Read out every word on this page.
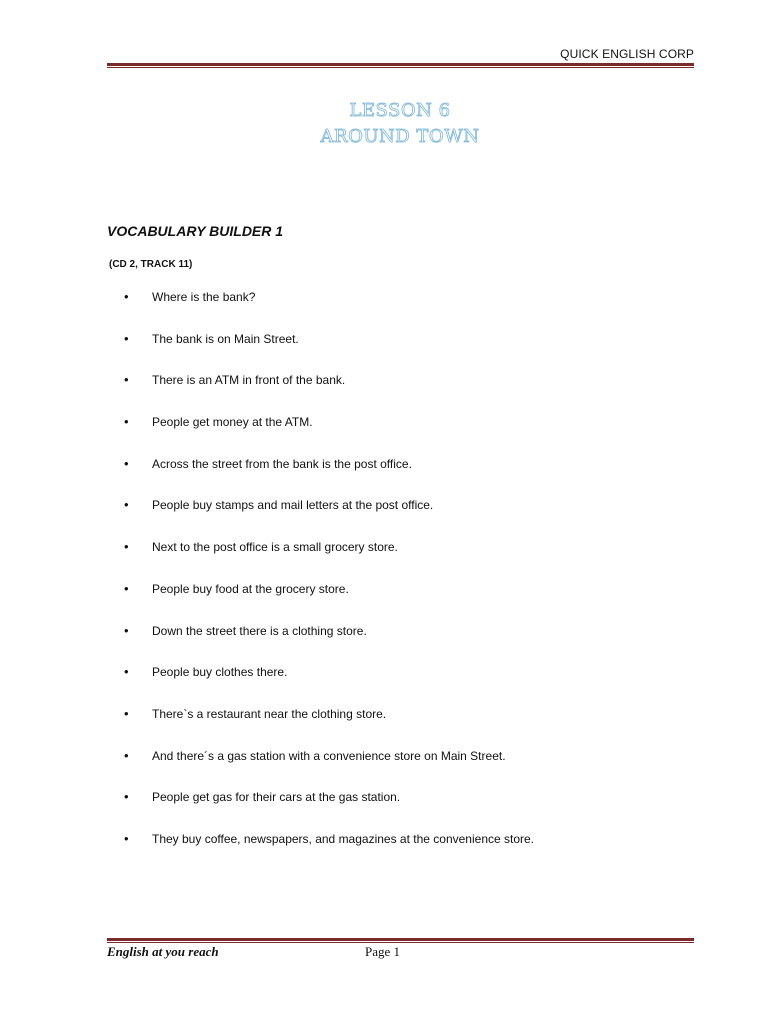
QUICK ENGLISH CORP
LESSON 6
AROUND TOWN
VOCABULARY BUILDER 1
(CD 2, TRACK 11)
•	Where is the bank?
•	The bank is on Main Street.
•	There is an ATM in front of the bank.
•	People get money at the ATM.
•	Across the street from the bank is the post office.
•	People buy stamps and mail letters at the post office.
•	Next to the post office is a small grocery store.
•	People buy food at the grocery store.
•	Down the street there is a clothing store.
•	People buy clothes there.
•	There`s a restaurant near the clothing store.
•	And there´s a gas station with a convenience store on Main Street.
•	People get gas for their cars at the gas station.
•	They buy coffee, newspapers, and magazines at the convenience store.
English at you reach	Page 1
